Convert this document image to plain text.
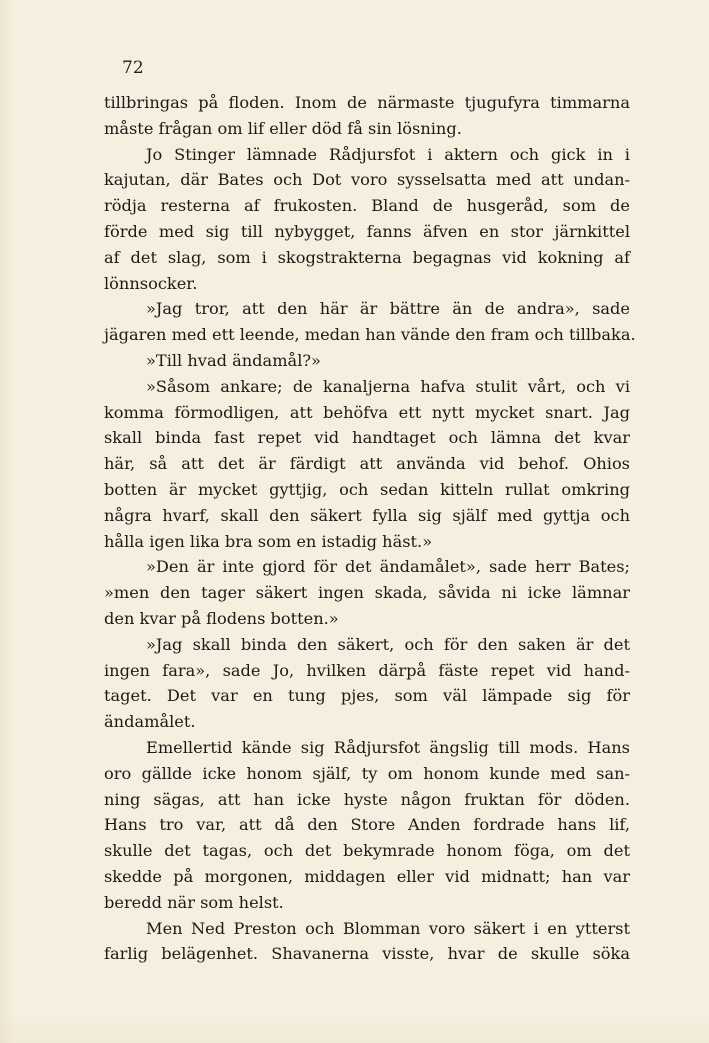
72

tillbringas på floden. Inom de närmaste tjugufyra timmarna
måste frågan om lif eller död få sin lösning.
Jo Stinger lämnade Rådjursfot i aktern och gick in i
kajutan, där Bates och Dot voro sysselsatta med att undan-
rödja resterna af frukosten. Bland de husgeråd, som de
förde med sig till nybygget, fanns äfven en stor järnkittel
af det slag, som i skogstrakterna begagnas vid kokning af
lönnsocker.
»Jag tror, att den här är bättre än de andra», sade
jägaren med ett leende, medan han vände den fram och tillbaka.
»Till hvad ändamål?»
»Såsom ankare; de kanaljerna hafva stulit vårt, och vi
komma förmodligen, att behöfva ett nytt mycket snart. Jag
skall binda fast repet vid handtaget och lämna det kvar
här, så att det är färdigt att använda vid behof. Ohios
botten är mycket gyttjig, och sedan kitteln rullat omkring
några hvarf, skall den säkert fylla sig själf med gyttja och
hålla igen lika bra som en istadig häst.»
»Den är inte gjord för det ändamålet», sade herr Bates;
»men den tager säkert ingen skada, såvida ni icke lämnar
den kvar på flodens botten.»
»Jag skall binda den säkert, och för den saken är det
ingen fara», sade Jo, hvilken därpå fäste repet vid hand-
taget. Det var en tung pjes, som väl lämpade sig för
ändamålet.
Emellertid kände sig Rådjursfot ängslig till mods. Hans
oro gällde icke honom själf, ty om honom kunde med san-
ning sägas, att han icke hyste någon fruktan för döden.
Hans tro var, att då den Store Anden fordrade hans lif,
skulle det tagas, och det bekymrade honom föga, om det
skedde på morgonen, middagen eller vid midnatt; han var
beredd när som helst.
Men Ned Preston och Blomman voro säkert i en ytterst
farlig belägenhet. Shavanerna visste, hvar de skulle söka
